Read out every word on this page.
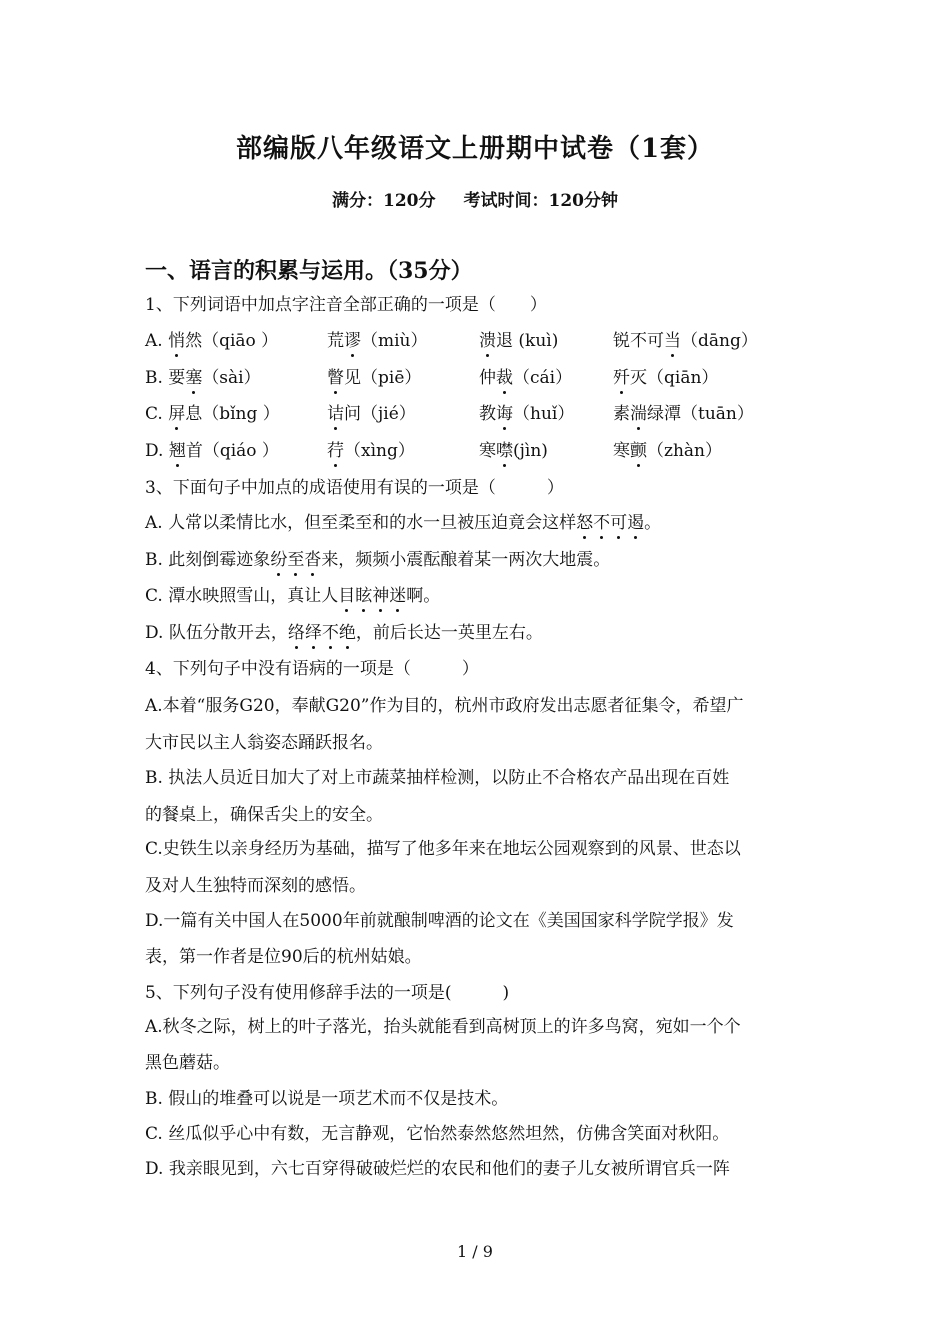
部编版八年级语文上册期中试卷（1套）
满分：120分 考试时间：120分钟
一、语言的积累与运用。（35分）
1、下列词语中加点字注音全部正确的一项是（　　）
A. 悄然（qiāo ）	荒谬（miù）	溃退 (kuì)	锐不可当（dāng）
B. 要塞（sài）	瞥见（piē）	仲裁（cái） 歼灭（qiān）
C. 屏息（bǐng ）	诘问（jié）	教诲（huǐ） 素湍绿潭（tuān）
D. 翘首（qiáo ）	荇（xìng）	寒噤(jìn)	寒颤（zhàn）
3、下面句子中加点的成语使用有误的一项是（　　　）
A. 人常以柔情比水，但至柔至和的水一旦被压迫竟会这样怒不可遏。
B. 此刻倒霉迹象纷至沓来，频频小震酝酿着某一两次大地震。
C. 潭水映照雪山，真让人目眩神迷啊。
D. 队伍分散开去，络绎不绝，前后长达一英里左右。
4、下列句子中没有语病的一项是（　　　）
A.本着“服务G20，奉献G20”作为目的，杭州市政府发出志愿者征集令，希望广
大市民以主人翁姿态踊跃报名。
B. 执法人员近日加大了对上市蔬菜抽样检测，以防止不合格农产品出现在百姓
的餐桌上，确保舌尖上的安全。
C.史铁生以亲身经历为基础，描写了他多年来在地坛公园观察到的风景、世态以
及对人生独特而深刻的感悟。
D.一篇有关中国人在5000年前就酿制啤酒的论文在《美国国家科学院学报》发
表，第一作者是位90后的杭州姑娘。
5、下列句子没有使用修辞手法的一项是(　　　)
A.秋冬之际，树上的叶子落光，抬头就能看到高树顶上的许多鸟窝，宛如一个个
黑色蘑菇。
B. 假山的堆叠可以说是一项艺术而不仅是技术。
C. 丝瓜似乎心中有数，无言静观，它怡然泰然悠然坦然，仿佛含笑面对秋阳。
D. 我亲眼见到，六七百穿得破破烂烂的农民和他们的妻子儿女被所谓官兵一阵
1 / 9
